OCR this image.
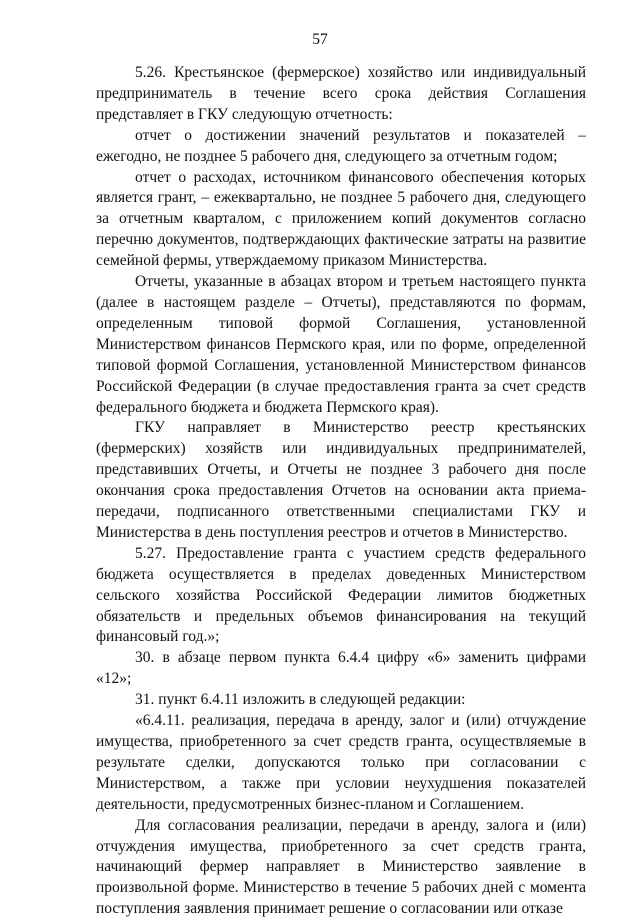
57

5.26. Крестьянское (фермерское) хозяйство или индивидуальный предприниматель в течение всего срока действия Соглашения представляет в ГКУ следующую отчетность:

отчет о достижении значений результатов и показателей – ежегодно, не позднее 5 рабочего дня, следующего за отчетным годом;

отчет о расходах, источником финансового обеспечения которых является грант, – ежеквартально, не позднее 5 рабочего дня, следующего за отчетным кварталом, с приложением копий документов согласно перечню документов, подтверждающих фактические затраты на развитие семейной фермы, утверждаемому приказом Министерства.

Отчеты, указанные в абзацах втором и третьем настоящего пункта (далее в настоящем разделе – Отчеты), представляются по формам, определенным типовой формой Соглашения, установленной Министерством финансов Пермского края, или по форме, определенной типовой формой Соглашения, установленной Министерством финансов Российской Федерации (в случае предоставления гранта за счет средств федерального бюджета и бюджета Пермского края).

ГКУ направляет в Министерство реестр крестьянских (фермерских) хозяйств или индивидуальных предпринимателей, представивших Отчеты, и Отчеты не позднее 3 рабочего дня после окончания срока предоставления Отчетов на основании акта приема-передачи, подписанного ответственными специалистами ГКУ и Министерства в день поступления реестров и отчетов в Министерство.

5.27. Предоставление гранта с участием средств федерального бюджета осуществляется в пределах доведенных Министерством сельского хозяйства Российской Федерации лимитов бюджетных обязательств и предельных объемов финансирования на текущий финансовый год.»;

30. в абзаце первом пункта 6.4.4 цифру «6» заменить цифрами «12»;

31. пункт 6.4.11 изложить в следующей редакции:

«6.4.11. реализация, передача в аренду, залог и (или) отчуждение имущества, приобретенного за счет средств гранта, осуществляемые в результате сделки, допускаются только при согласовании с Министерством, а также при условии неухудшения показателей деятельности, предусмотренных бизнес-планом и Соглашением.

Для согласования реализации, передачи в аренду, залога и (или) отчуждения имущества, приобретенного за счет средств гранта, начинающий фермер направляет в Министерство заявление в произвольной форме. Министерство в течение 5 рабочих дней с момента поступления заявления принимает решение о согласовании или отказе
